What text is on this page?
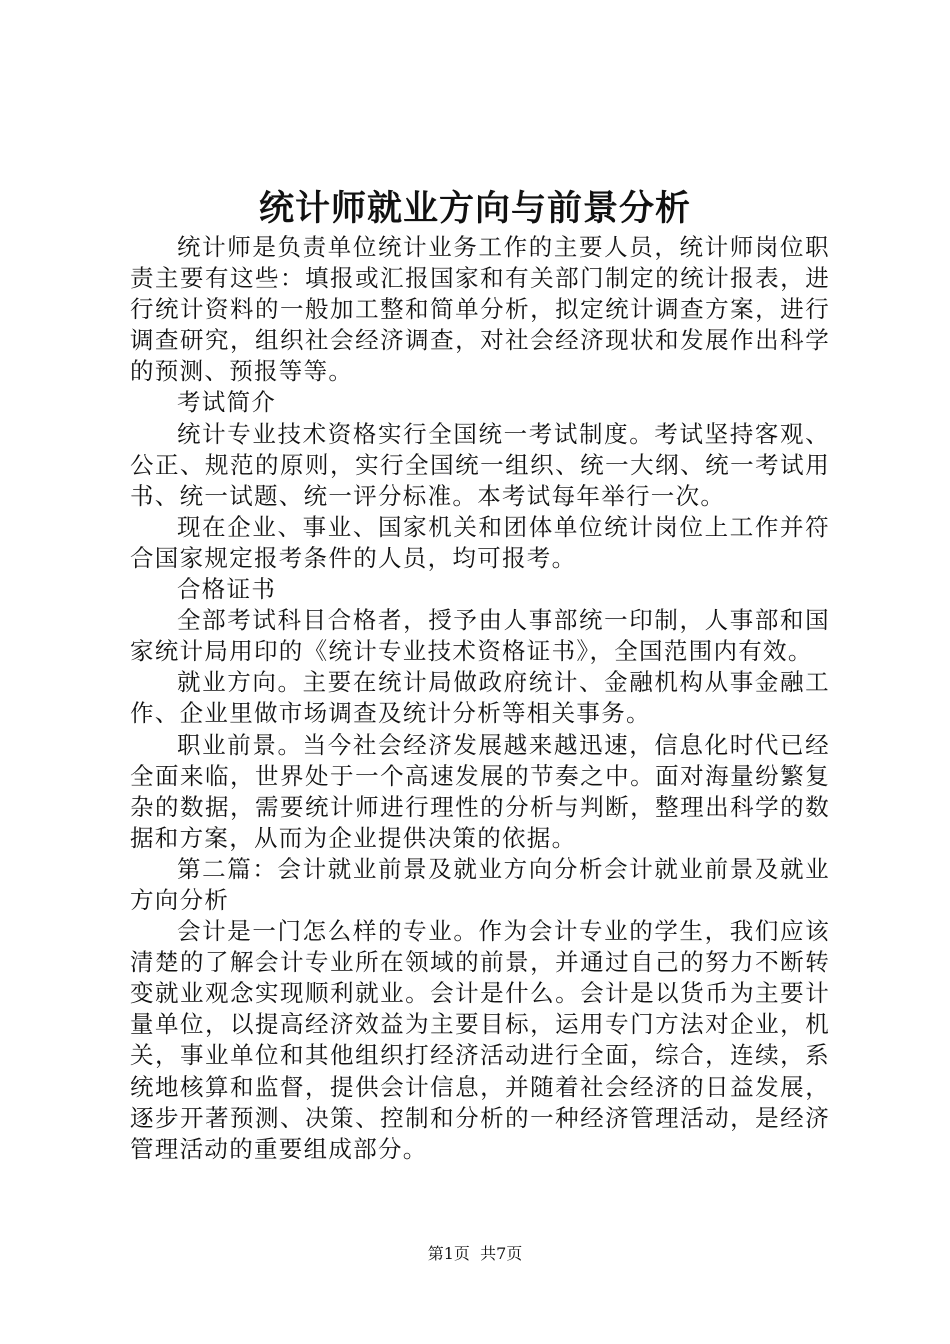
统计师就业方向与前景分析

统计师是负责单位统计业务工作的主要人员，统计师岗位职责主要有这些：填报或汇报国家和有关部门制定的统计报表，进行统计资料的一般加工整和简单分析，拟定统计调查方案，进行调查研究，组织社会经济调查，对社会经济现状和发展作出科学的预测、预报等等。

考试简介

统计专业技术资格实行全国统一考试制度。考试坚持客观、公正、规范的原则，实行全国统一组织、统一大纲、统一考试用书、统一试题、统一评分标准。本考试每年举行一次。

现在企业、事业、国家机关和团体单位统计岗位上工作并符合国家规定报考条件的人员，均可报考。

合格证书

全部考试科目合格者，授予由人事部统一印制，人事部和国家统计局用印的《统计专业技术资格证书》，全国范围内有效。

就业方向。主要在统计局做政府统计、金融机构从事金融工作、企业里做市场调查及统计分析等相关事务。

职业前景。当今社会经济发展越来越迅速，信息化时代已经全面来临，世界处于一个高速发展的节奏之中。面对海量纷繁复杂的数据，需要统计师进行理性的分析与判断，整理出科学的数据和方案，从而为企业提供决策的依据。

第二篇：会计就业前景及就业方向分析会计就业前景及就业方向分析

会计是一门怎么样的专业。作为会计专业的学生，我们应该清楚的了解会计专业所在领域的前景，并通过自己的努力不断转变就业观念实现顺利就业。会计是什么。会计是以货币为主要计量单位，以提高经济效益为主要目标，运用专门方法对企业，机关，事业单位和其他组织打经济活动进行全面，综合，连续，系统地核算和监督，提供会计信息，并随着社会经济的日益发展，逐步开著预测、决策、控制和分析的一种经济管理活动，是经济管理活动的重要组成部分。

第1页 共7页
